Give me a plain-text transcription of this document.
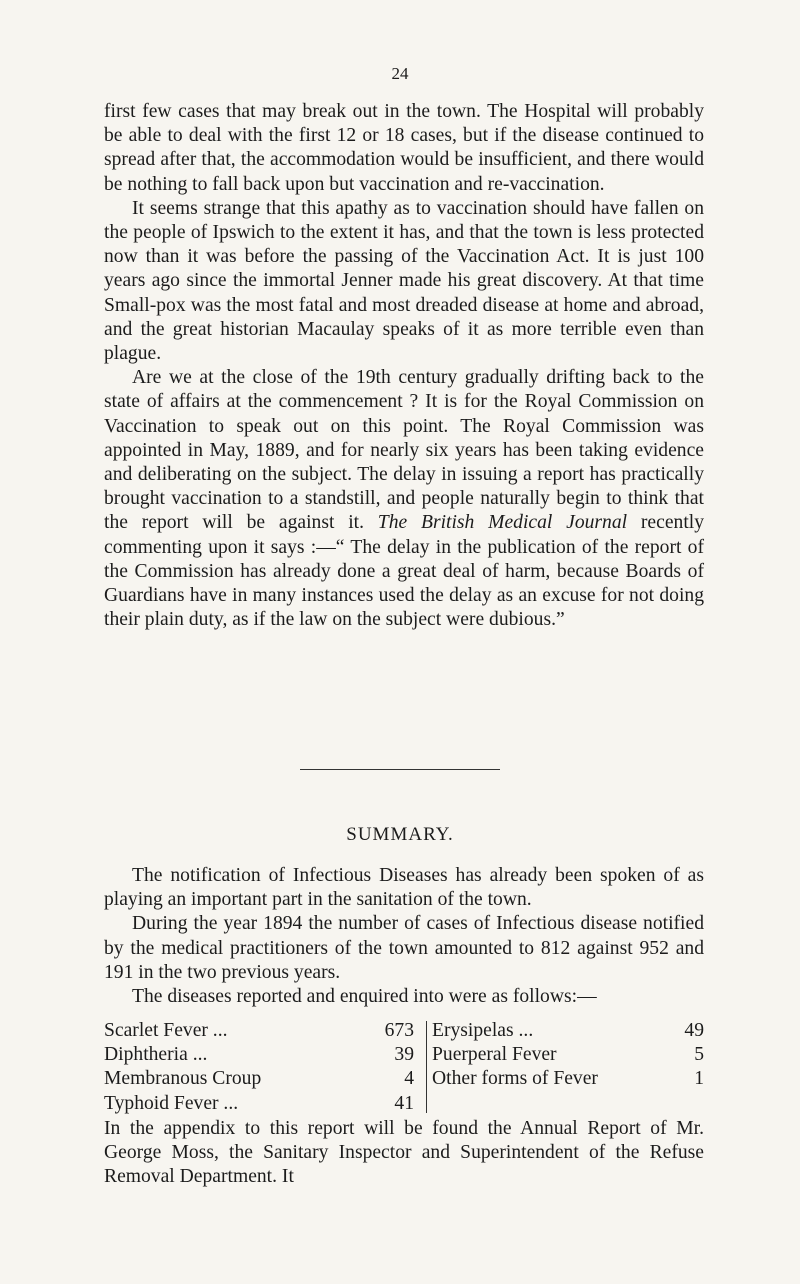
24

first few cases that may break out in the town. The Hospital will probably be able to deal with the first 12 or 18 cases, but if the disease continued to spread after that, the accommodation would be insufficient, and there would be nothing to fall back upon but vaccination and re-vaccination.

It seems strange that this apathy as to vaccination should have fallen on the people of Ipswich to the extent it has, and that the town is less protected now than it was before the passing of the Vaccination Act. It is just 100 years ago since the immortal Jenner made his great discovery. At that time Small-pox was the most fatal and most dreaded disease at home and abroad, and the great historian Macaulay speaks of it as more terrible even than plague.

Are we at the close of the 19th century gradually drifting back to the state of affairs at the commencement ? It is for the Royal Commission on Vaccination to speak out on this point. The Royal Commission was appointed in May, 1889, and for nearly six years has been taking evidence and deliberating on the subject. The delay in issuing a report has practically brought vaccination to a standstill, and people naturally begin to think that the report will be against it. The British Medical Journal recently commenting upon it says :—“ The delay in the publication of the report of the Commission has already done a great deal of harm, because Boards of Guardians have in many instances used the delay as an excuse for not doing their plain duty, as if the law on the subject were dubious.”

SUMMARY.

The notification of Infectious Diseases has already been spoken of as playing an important part in the sanitation of the town.

During the year 1894 the number of cases of Infectious disease notified by the medical practitioners of the town amounted to 812 against 952 and 191 in the two previous years.

The diseases reported and enquired into were as follows:—

Scarlet Fever ...	673
Diphtheria ...	39
Membranous Croup	4
Typhoid Fever ...	41
Erysipelas ...	49
Puerperal Fever	5
Other forms of Fever	1

In the appendix to this report will be found the Annual Report of Mr. George Moss, the Sanitary Inspector and Superintendent of the Refuse Removal Department. It
